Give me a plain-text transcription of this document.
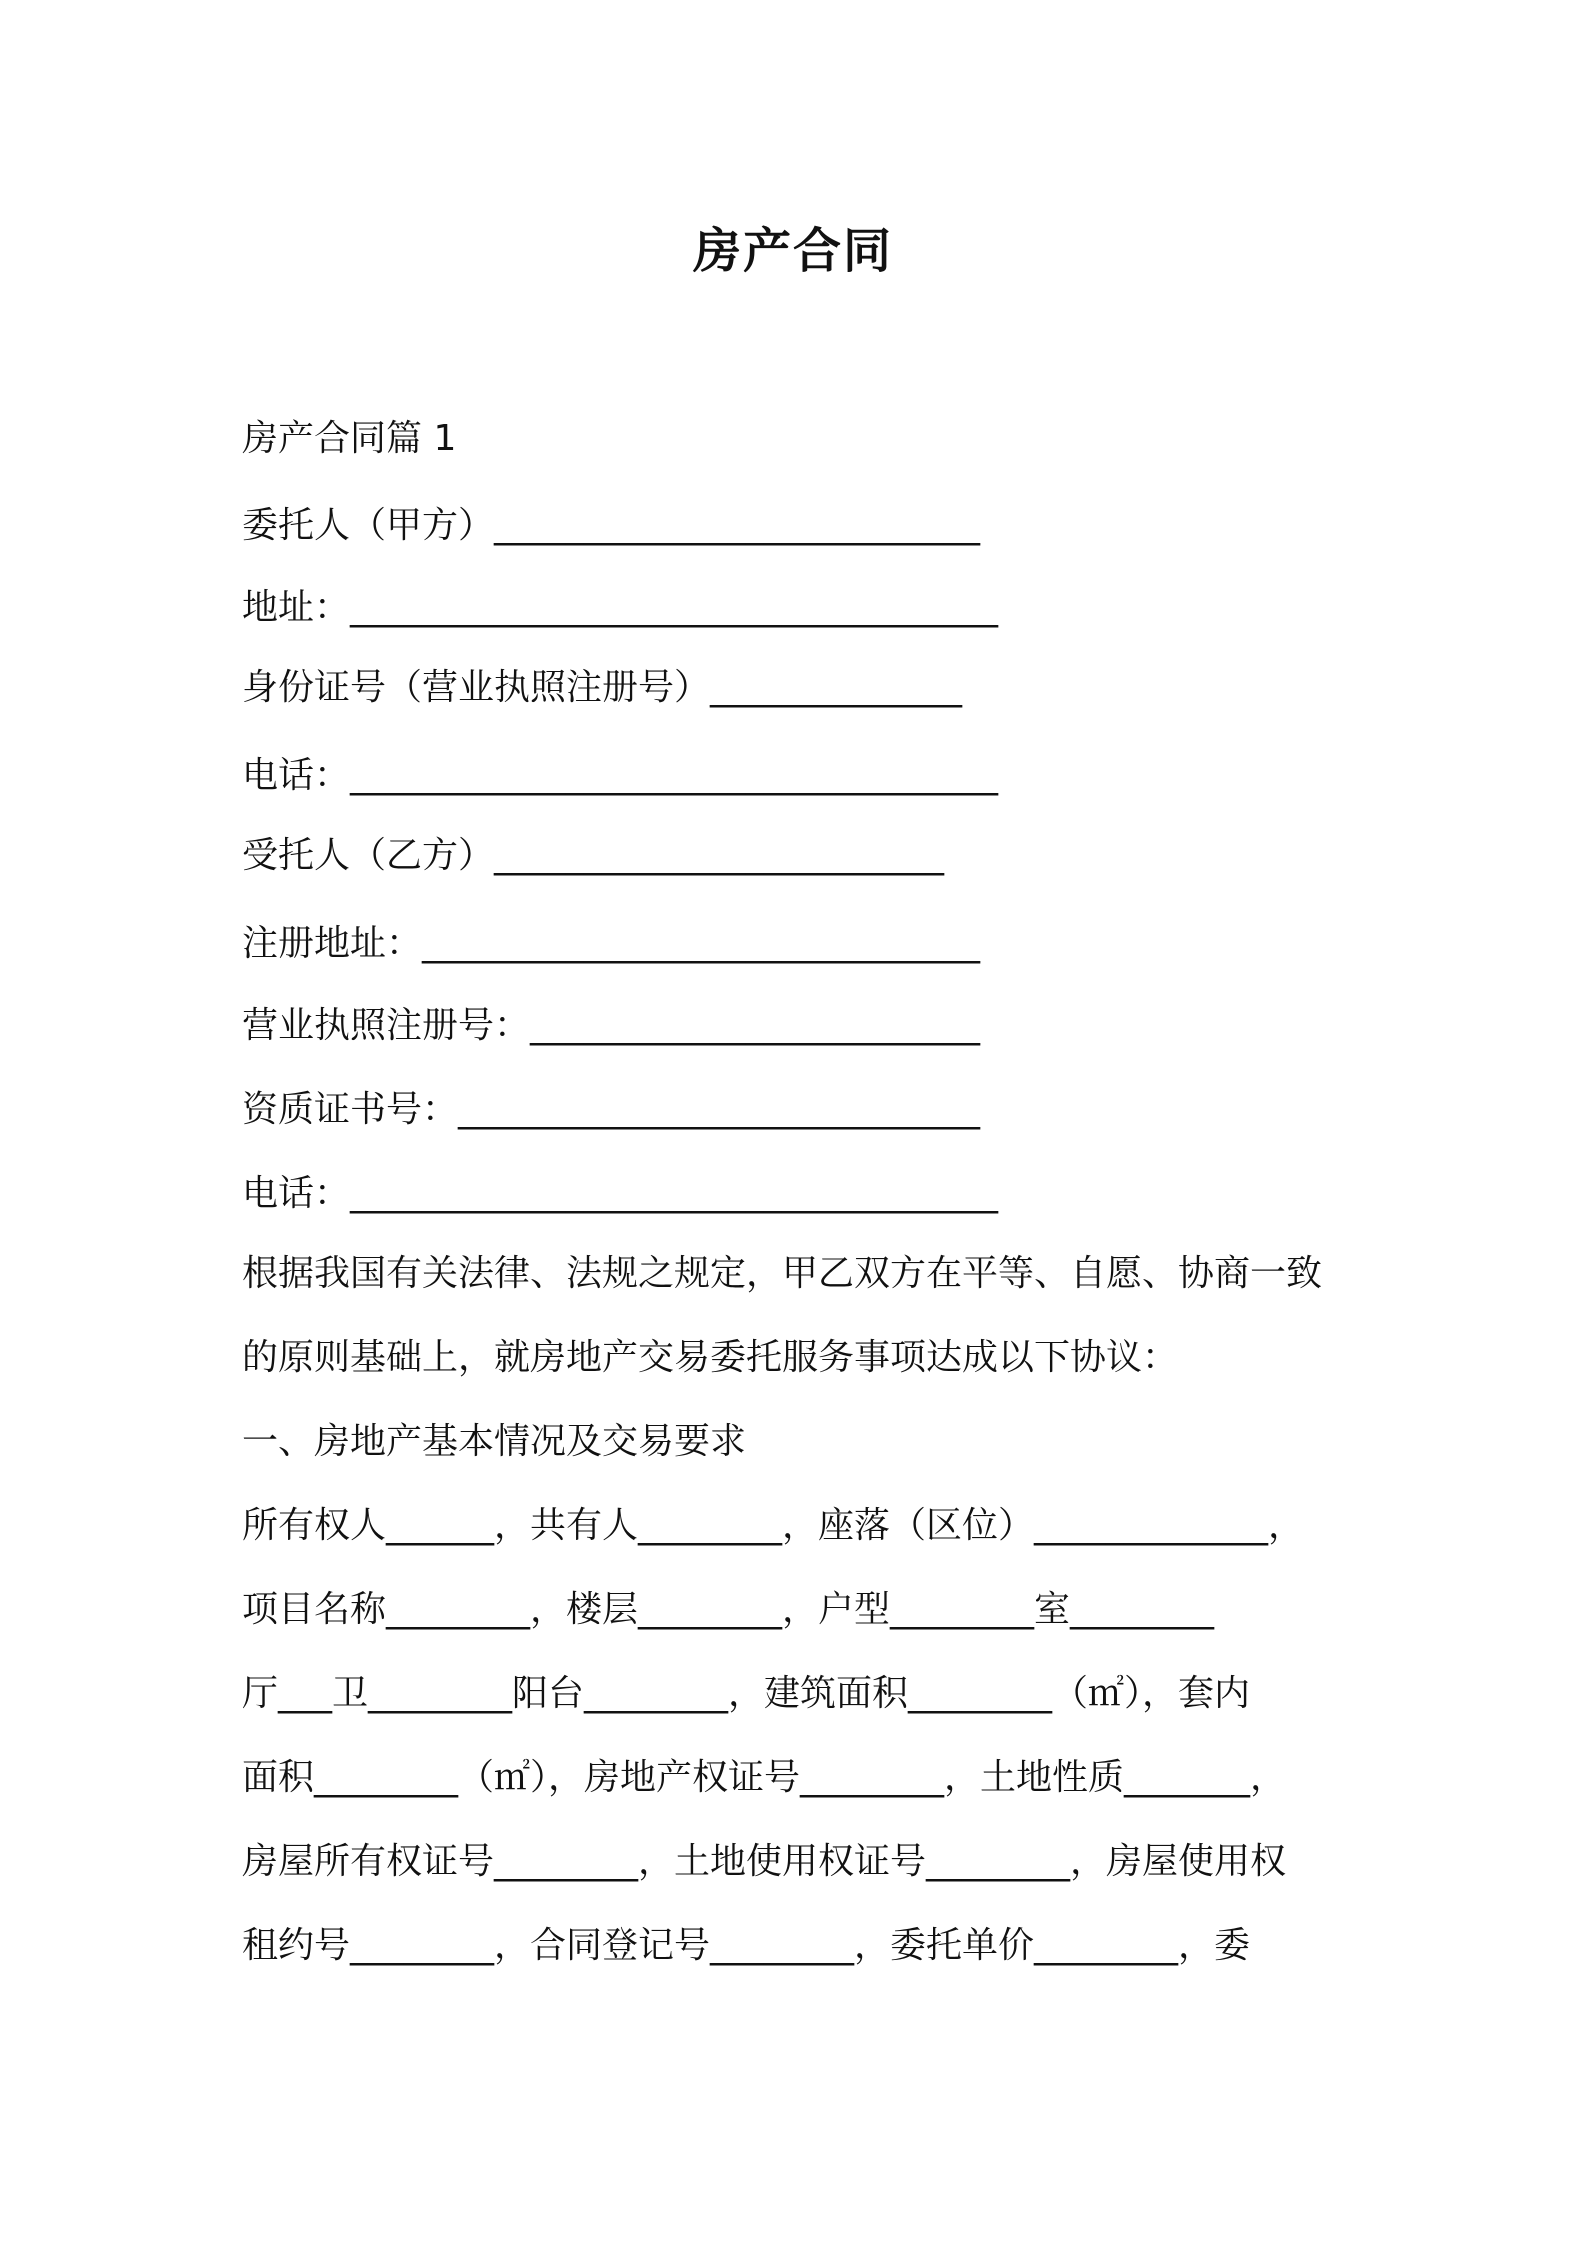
房产合同

房产合同篇 1

委托人（甲方）___________________________

地址：____________________________________

身份证号（营业执照注册号）______________

电话：____________________________________

受托人（乙方）_________________________

注册地址：_______________________________

营业执照注册号：_________________________

资质证书号：_____________________________

电话：____________________________________

根据我国有关法律、法规之规定，甲乙双方在平等、自愿、协商一致

的原则基础上，就房地产交易委托服务事项达成以下协议：

一、房地产基本情况及交易要求

所有权人______，共有人________，座落（区位）_____________，

项目名称________，楼层________，户型________室________

厅___卫________阳台________，建筑面积________（㎡），套内

面积________（㎡），房地产权证号________，土地性质_______，

房屋所有权证号________，土地使用权证号________，房屋使用权

租约号________，合同登记号________，委托单价________，委
